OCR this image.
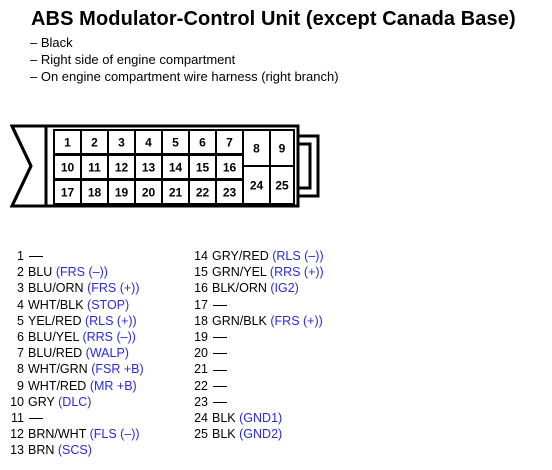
ABS Modulator-Control Unit (except Canada Base)
– Black
– Right side of engine compartment
– On engine compartment wire harness (right branch)
1 2 3 4 5 6 7
10 11 12 13 14 15 16
17 18 19 20 21 22 23
8 9
24 25
1
2 BLU (FRS (–))
3 BLU/ORN (FRS (+))
4 WHT/BLK (STOP)
5 YEL/RED (RLS (+))
6 BLU/YEL (RRS (–))
7 BLU/RED (WALP)
8 WHT/GRN (FSR +B)
9 WHT/RED (MR +B)
10 GRY (DLC)
11
12 BRN/WHT (FLS (–))
13 BRN (SCS)
14 GRY/RED (RLS (–))
15 GRN/YEL (RRS (+))
16 BLK/ORN (IG2)
17
18 GRN/BLK (FRS (+))
19
20
21
22
23
24 BLK (GND1)
25 BLK (GND2)
